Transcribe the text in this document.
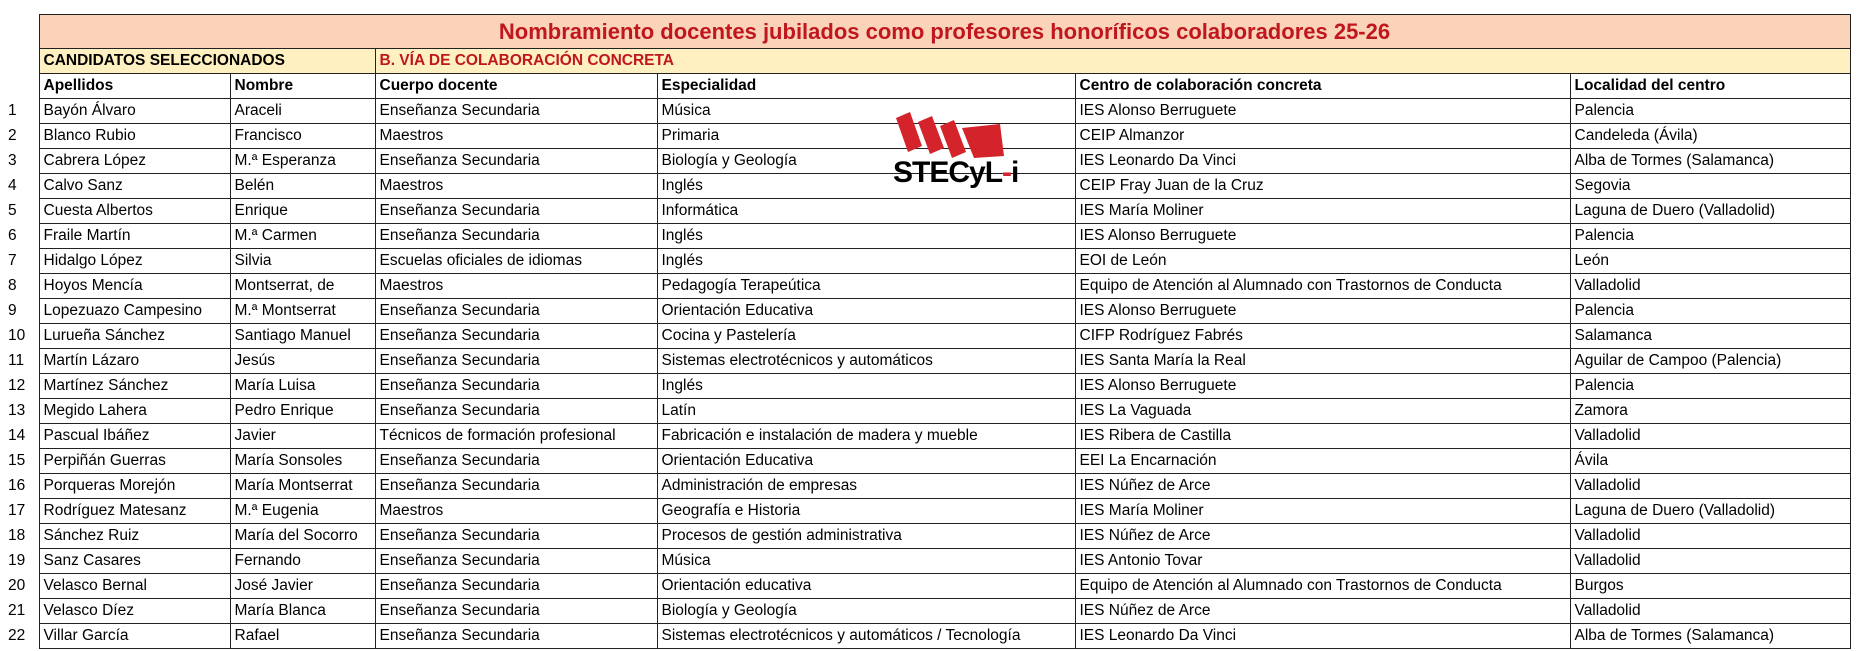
	Nombramiento docentes jubilados como profesores honoríficos colaboradores 25-26					
	CANDIDATOS SELECCIONADOS		B. VÍA DE COLABORACIÓN CONCRETA			
	Apellidos	Nombre	Cuerpo docente	Especialidad	Centro de colaboración concreta	Localidad del centro
1	Bayón Álvaro	Araceli	Enseñanza Secundaria	Música	IES Alonso Berruguete	Palencia
2	Blanco Rubio	Francisco	Maestros	Primaria	CEIP Almanzor	Candeleda (Ávila)
3	Cabrera López	M.ª Esperanza	Enseñanza Secundaria	Biología y Geología	IES Leonardo Da Vinci	Alba de Tormes (Salamanca)
4	Calvo Sanz	Belén	Maestros	Inglés	CEIP Fray Juan de la Cruz	Segovia
5	Cuesta Albertos	Enrique	Enseñanza Secundaria	Informática	IES María Moliner	Laguna de Duero (Valladolid)
6	Fraile Martín	M.ª Carmen	Enseñanza Secundaria	Inglés	IES Alonso Berruguete	Palencia
7	Hidalgo López	Silvia	Escuelas oficiales de idiomas	Inglés	EOI de León	León
8	Hoyos Mencía	Montserrat, de	Maestros	Pedagogía Terapeútica	Equipo de Atención al Alumnado con Trastornos de Conducta	Valladolid
9	Lopezuazo Campesino	M.ª Montserrat	Enseñanza Secundaria	Orientación Educativa	IES Alonso Berruguete	Palencia
10	Lurueña Sánchez	Santiago Manuel	Enseñanza Secundaria	Cocina y Pastelería	CIFP Rodríguez Fabrés	Salamanca
11	Martín Lázaro	Jesús	Enseñanza Secundaria	Sistemas electrotécnicos y automáticos	IES Santa María la Real	Aguilar de Campoo (Palencia)
12	Martínez Sánchez	María Luisa	Enseñanza Secundaria	Inglés	IES Alonso Berruguete	Palencia
13	Megido Lahera	Pedro Enrique	Enseñanza Secundaria	Latín	IES La Vaguada	Zamora
14	Pascual Ibáñez	Javier	Técnicos de formación profesional	Fabricación e instalación de madera y mueble	IES Ribera de Castilla	Valladolid
15	Perpiñán Guerras	María Sonsoles	Enseñanza Secundaria	Orientación Educativa	EEI La Encarnación	Ávila
16	Porqueras Morejón	María Montserrat	Enseñanza Secundaria	Administración de empresas	IES Núñez de Arce	Valladolid
17	Rodríguez Matesanz	M.ª Eugenia	Maestros	Geografía e Historia	IES María Moliner	Laguna de Duero (Valladolid)
18	Sánchez Ruiz	María del Socorro	Enseñanza Secundaria	Procesos de gestión administrativa	IES Núñez de Arce	Valladolid
19	Sanz Casares	Fernando	Enseñanza Secundaria	Música	IES Antonio Tovar	Valladolid
20	Velasco Bernal	José Javier	Enseñanza Secundaria	Orientación educativa	Equipo de Atención al Alumnado con Trastornos de Conducta	Burgos
21	Velasco Díez	María Blanca	Enseñanza Secundaria	Biología y Geología	IES Núñez de Arce	Valladolid
22	Villar García	Rafael	Enseñanza Secundaria	Sistemas electrotécnicos y automáticos / Tecnología	IES Leonardo Da Vinci	Alba de Tormes (Salamanca)
STECyL-i
